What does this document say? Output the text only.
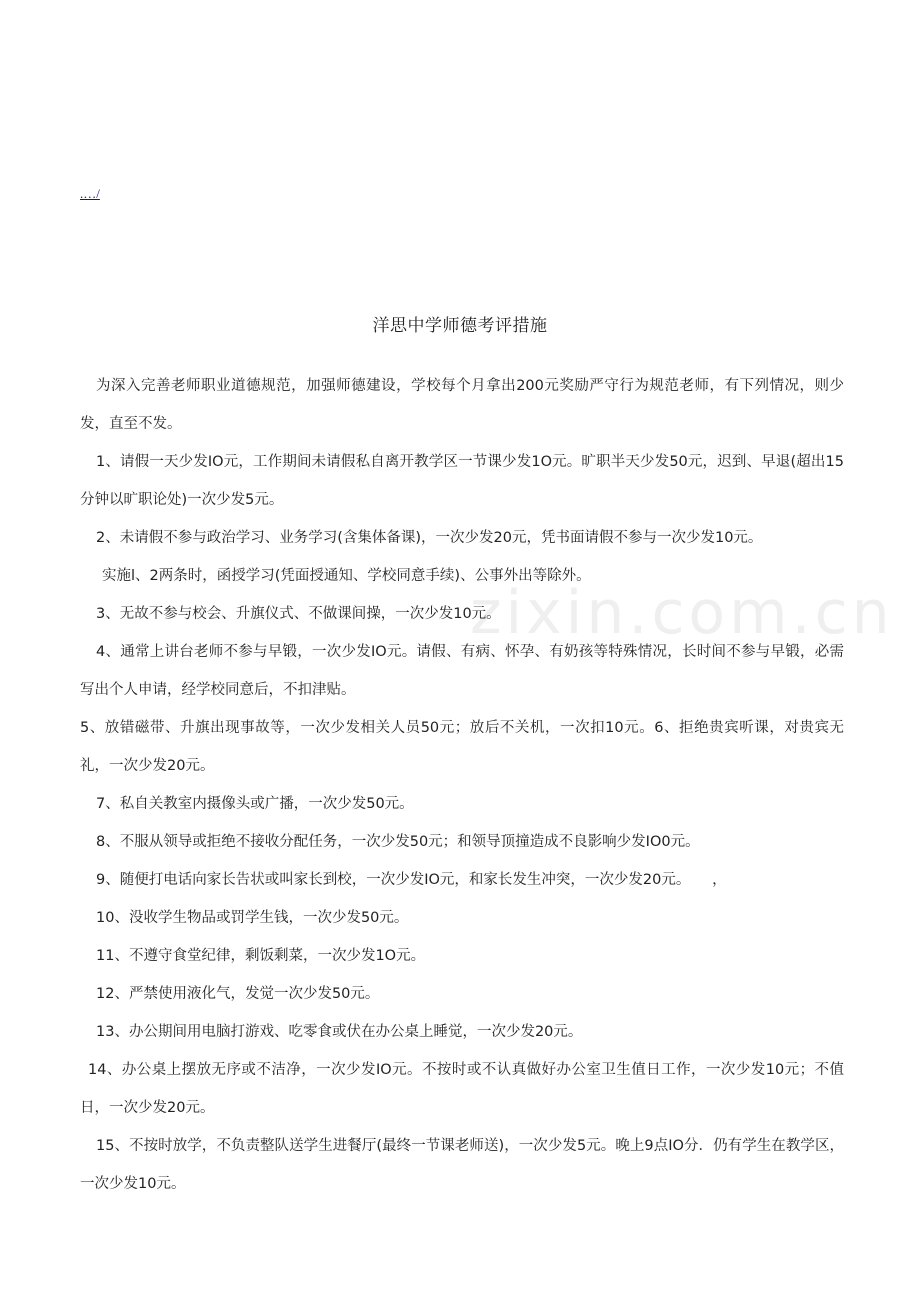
.…/
zixin.com.cn
洋思中学师德考评措施

为深入完善老师职业道德规范，加强师德建设，学校每个月拿出200元奖励严守行为规范老师，有下列情况，则少发，直至不发。

1、请假一天少发IO元，工作期间未请假私自离开教学区一节课少发1O元。旷职半天少发50元，迟到、早退(超出15分钟以旷职论处)一次少发5元。

2、未请假不参与政治学习、业务学习(含集体备课)，一次少发20元，凭书面请假不参与一次少发10元。

实施l、2两条时，函授学习(凭面授通知、学校同意手续)、公事外出等除外。

3、无故不参与校会、升旗仪式、不做课间操，一次少发10元。

4、通常上讲台老师不参与早锻，一次少发IO元。请假、有病、怀孕、有奶孩等特殊情况，长时间不参与早锻，必需写出个人申请，经学校同意后，不扣津贴。

5、放错磁带、升旗出现事故等，一次少发相关人员50元；放后不关机，一次扣10元。6、拒绝贵宾听课，对贵宾无礼，一次少发20元。

7、私自关教室内摄像头或广播，一次少发50元。

8、不服从领导或拒绝不接收分配任务，一次少发50元；和领导顶撞造成不良影响少发IO0元。

9、随便打电话向家长告状或叫家长到校，一次少发IO元，和家长发生冲突，一次少发20元。　　，

10、没收学生物品或罚学生钱，一次少发50元。

11、不遵守食堂纪律，剩饭剩菜，一次少发1O元。

12、严禁使用液化气，发觉一次少发50元。

13、办公期间用电脑打游戏、吃零食或伏在办公桌上睡觉，一次少发20元。

14、办公桌上摆放无序或不洁净，一次少发IO元。不按时或不认真做好办公室卫生值日工作，一次少发10元；不值日，一次少发20元。

15、不按时放学，不负责整队送学生进餐厅(最终一节课老师送)，一次少发5元。晚上9点IO分．仍有学生在教学区，一次少发10元。
